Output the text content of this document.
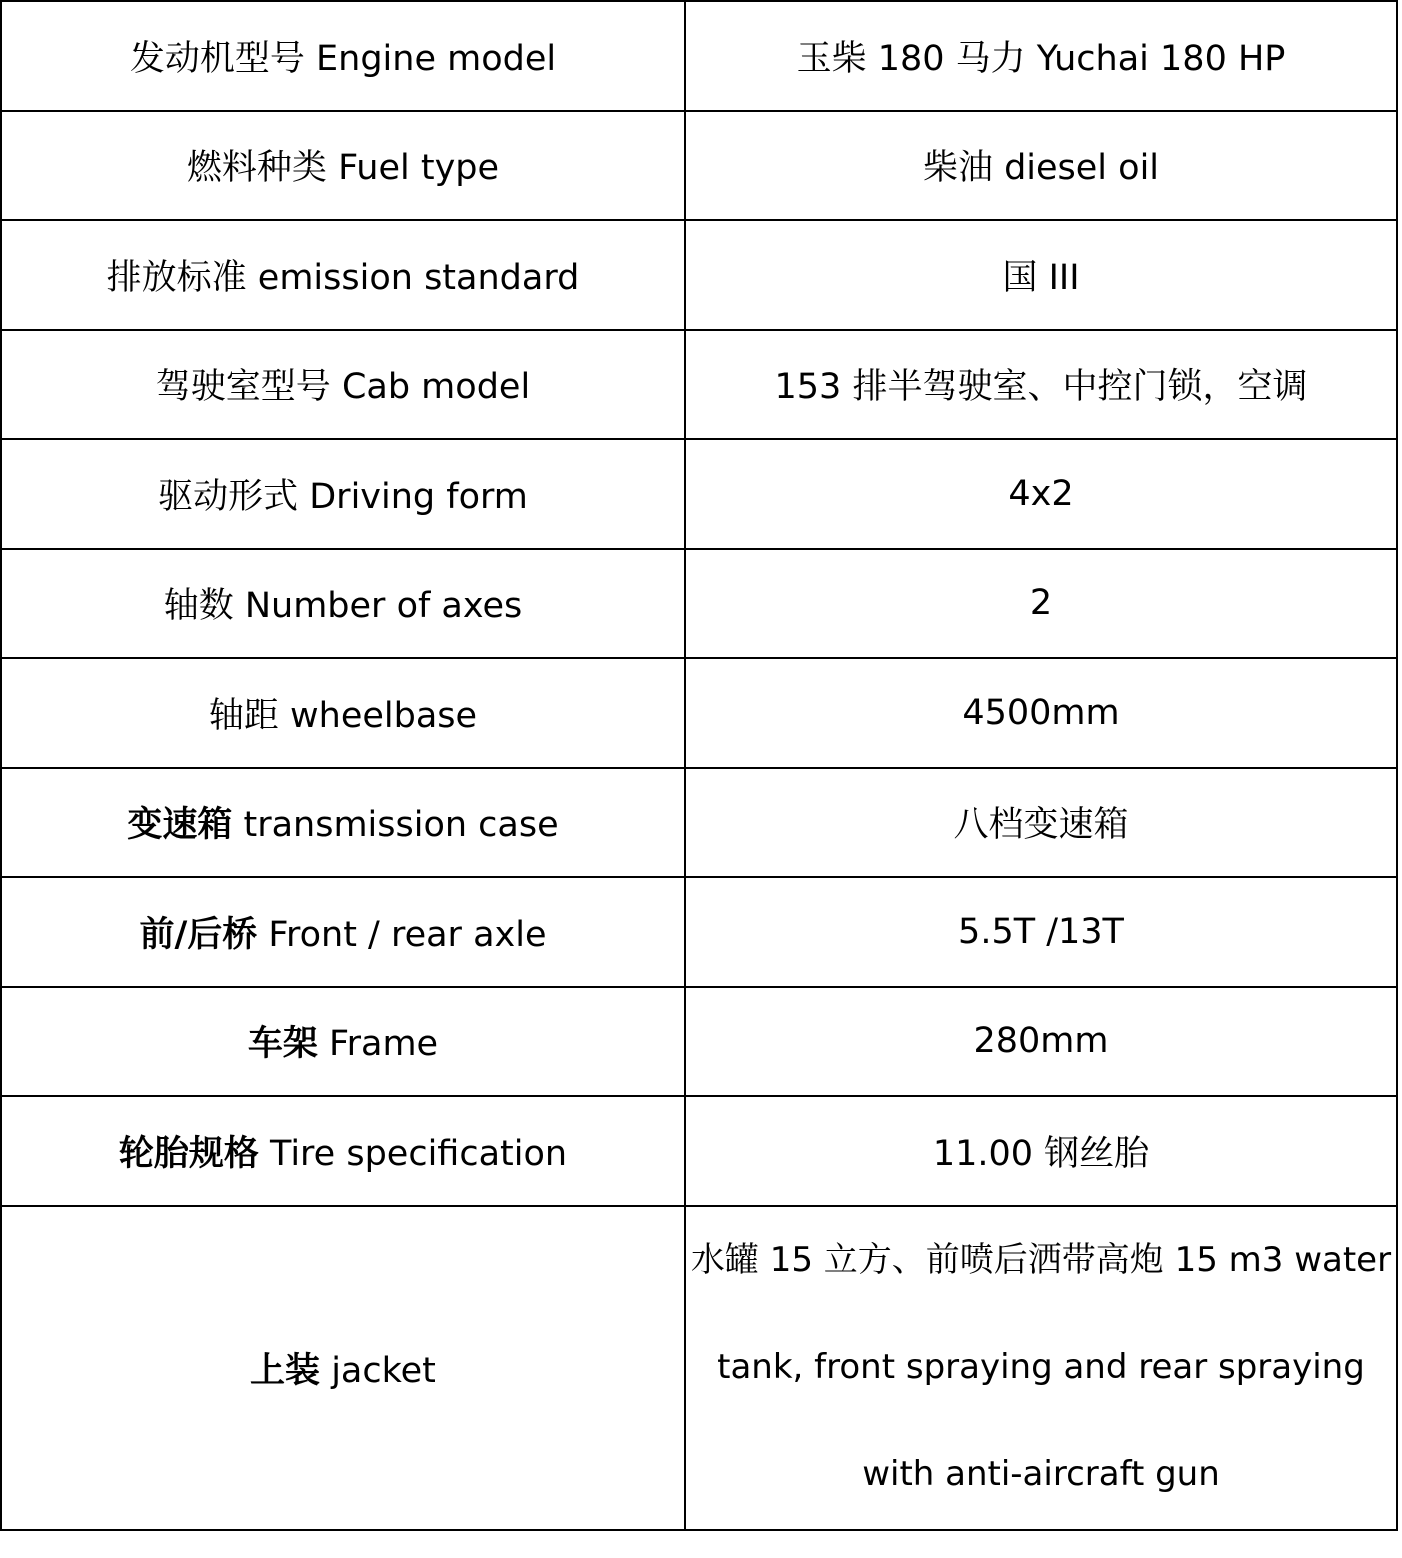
发动机型号 Engine model	玉柴 180 马力 Yuchai 180 HP
燃料种类 Fuel type	柴油 diesel oil
排放标准 emission standard	国 III
驾驶室型号 Cab model	153 排半驾驶室、中控门锁，空调
驱动形式 Driving form	4x2
轴数 Number of axes	2
轴距 wheelbase	4500mm
变速箱 transmission case	八档变速箱
前/后桥 Front / rear axle	5.5T /13T
车架 Frame	280mm
轮胎规格 Tire specification	11.00 钢丝胎
上装 jacket	水罐 15 立方、前喷后洒带高炮 15 m3 water tank, front spraying and rear spraying with anti-aircraft gun
